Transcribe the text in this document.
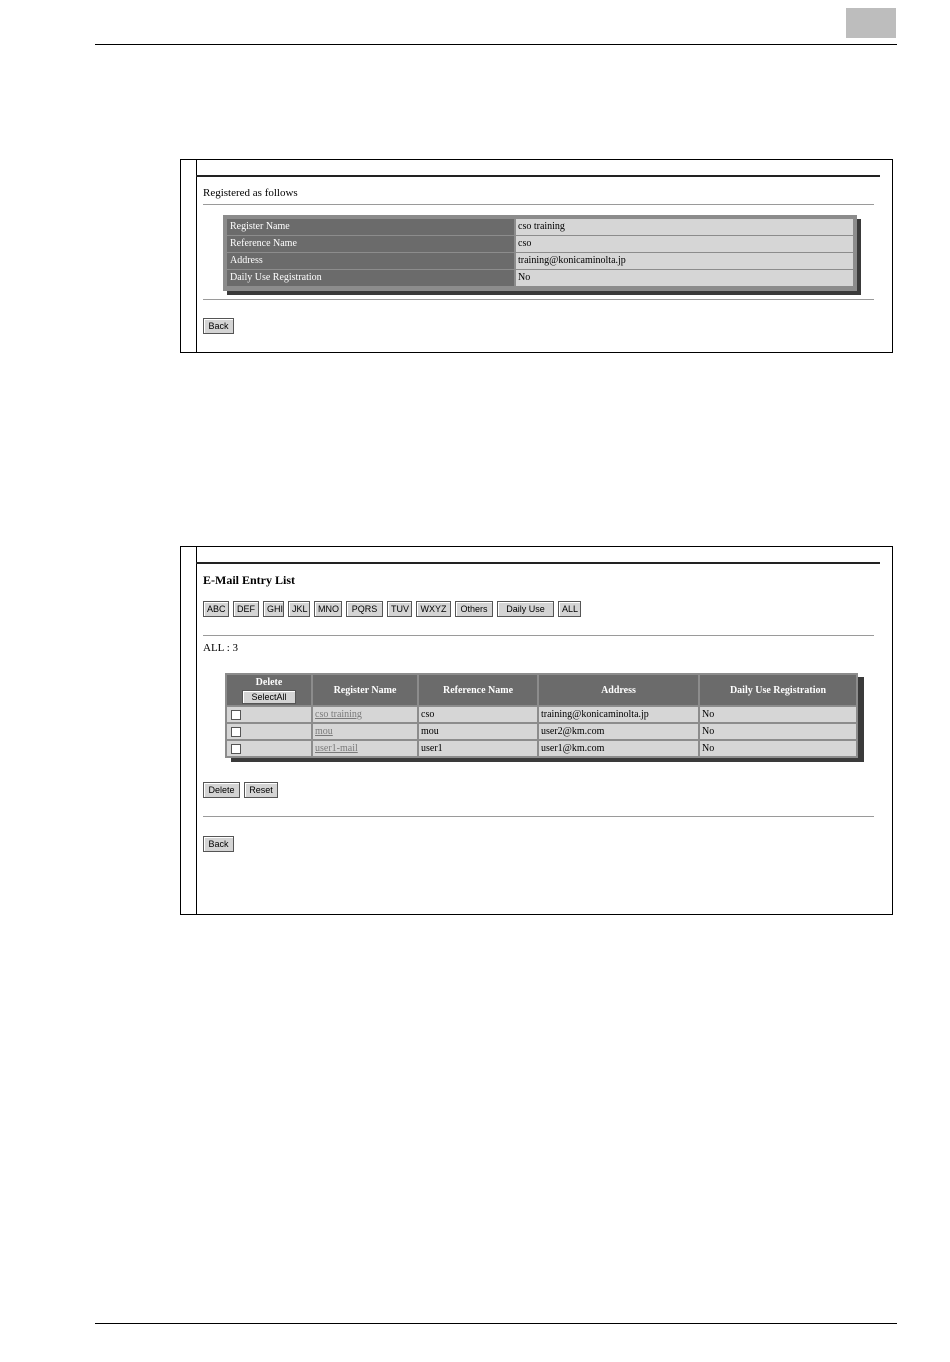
Registered as follows
Register Name	cso training
Reference Name	cso
Address	training@konicaminolta.jp
Daily Use Registration	No
Back
E-Mail Entry List
ABC	DEF	GHI JKL	MNO	PQRS	TUV	WXYZ	Others	Daily Use	ALL
ALL : 3
Delete
SelectAll	Register Name	Reference Name	Address	Daily Use Registration
	cso training	cso	training@konicaminolta.jp	No
	mou	mou	user2@km.com	No
	user1-mail	user1	user1@km.com	No
Delete	Reset
Back
